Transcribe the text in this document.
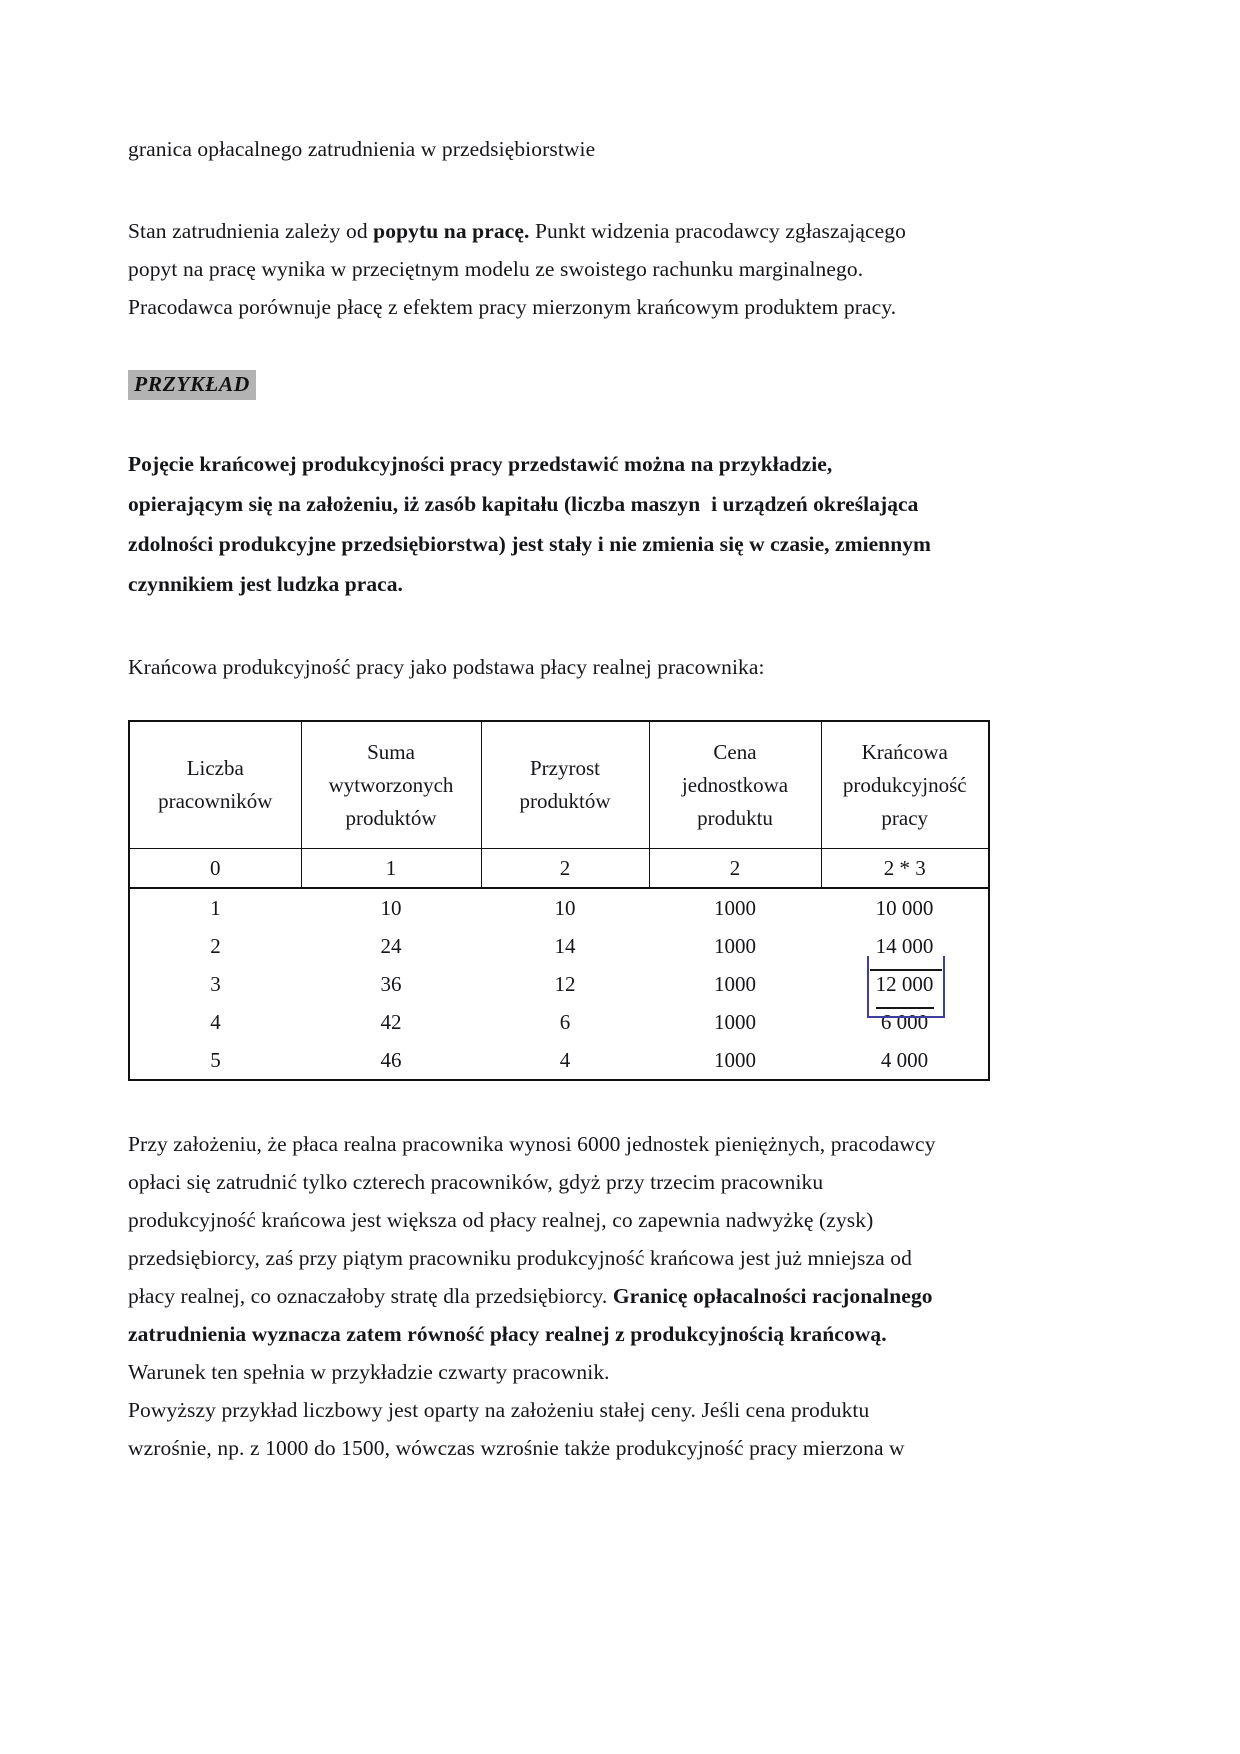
granica opłacalnego zatrudnienia w przedsiębiorstwie

Stan zatrudnienia zależy od popytu na pracę. Punkt widzenia pracodawcy zgłaszającego

popyt na pracę wynika w przeciętnym modelu ze swoistego rachunku marginalnego.

Pracodawca porównuje płacę z efektem pracy mierzonym krańcowym produktem pracy.

PRZYKŁAD

Pojęcie krańcowej produkcyjności pracy przedstawić można na przykładzie,

opierającym się na założeniu, iż zasób kapitału (liczba maszyn  i urządzeń określająca

zdolności produkcyjne przedsiębiorstwa) jest stały i nie zmienia się w czasie, zmiennym

czynnikiem jest ludzka praca.

Krańcowa produkcyjność pracy jako podstawa płacy realnej pracownika:

Liczba
pracowników	Suma
wytworzonych
produktów	Przyrost
produktów	Cena
jednostkowa
produktu	Krańcowa
produkcyjność
pracy

0	1	2	2	2 * 3
1	10	10	1000	10 000
2	24	14	1000	14 000
3	36	12	1000	12 000
4	42	6	1000	6 000
5	46	4	1000	4 000

Przy założeniu, że płaca realna pracownika wynosi 6000 jednostek pieniężnych, pracodawcy

opłaci się zatrudnić tylko czterech pracowników, gdyż przy trzecim pracowniku

produkcyjność krańcowa jest większa od płacy realnej, co zapewnia nadwyżkę (zysk)

przedsiębiorcy, zaś przy piątym pracowniku produkcyjność krańcowa jest już mniejsza od

płacy realnej, co oznaczałoby stratę dla przedsiębiorcy. Granicę opłacalności racjonalnego

zatrudnienia wyznacza zatem równość płacy realnej z produkcyjnością krańcową.

Warunek ten spełnia w przykładzie czwarty pracownik.

Powyższy przykład liczbowy jest oparty na założeniu stałej ceny. Jeśli cena produktu

wzrośnie, np. z 1000 do 1500, wówczas wzrośnie także produkcyjność pracy mierzona w
